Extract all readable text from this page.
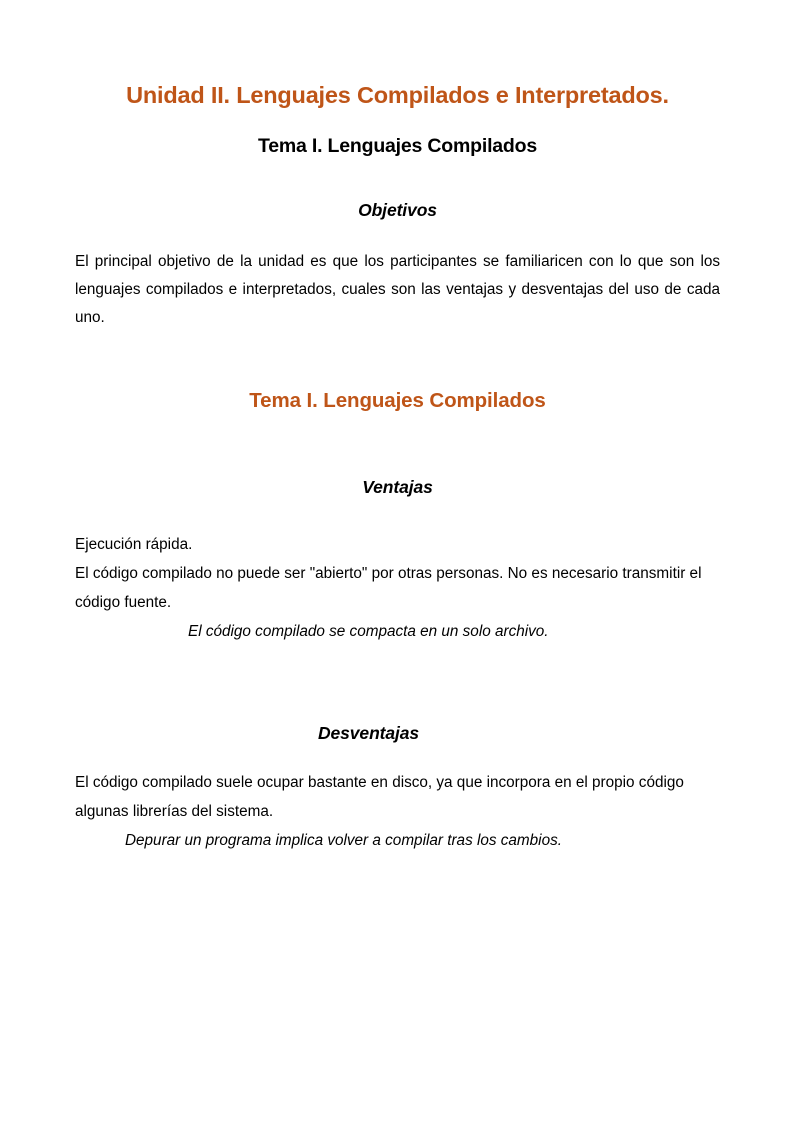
Unidad II. Lenguajes Compilados e Interpretados.
Tema I. Lenguajes Compilados
Objetivos

El principal objetivo de la unidad es que los participantes se familiaricen con lo que son los lenguajes compilados e interpretados, cuales son las ventajas y desventajas del uso de cada uno.

Tema I. Lenguajes Compilados
Ventajas
Ejecución rápida.
El código compilado no puede ser "abierto" por otras personas. No es necesario transmitir el código fuente.
El código compilado se compacta en un solo archivo.
Desventajas
El código compilado suele ocupar bastante en disco, ya que incorpora en el propio código algunas librerías del sistema.
Depurar un programa implica volver a compilar tras los cambios.
